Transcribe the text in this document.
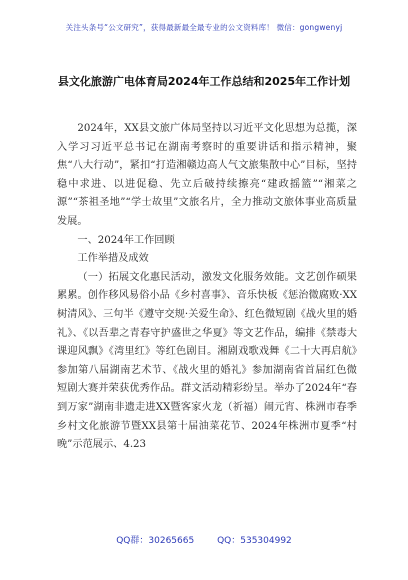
关注头条号“公文研究”，获得最新最全最专业的公文资料库！ 微信：gongwenyj
县文化旅游广电体育局2024年工作总结和2025年工作计划

2024年，XX县文旅广体局坚持以习近平文化思想为总揽，深入学习习近平总书记在湖南考察时的重要讲话和指示精神，聚焦“八大行动”，紧扣“打造湘赣边高人气文旅集散中心”目标，坚持稳中求进、以进促稳、先立后破持续擦亮“建政摇篮”“湘菜之源”“茶祖圣地”“学士故里”文旅名片，全力推动文旅体事业高质量发展。

一、2024年工作回顾

工作举措及成效

（一）拓展文化惠民活动，激发文化服务效能。文艺创作硕果累累。创作移风易俗小品《乡村喜事》、音乐快板《惩治微腐败·XX树清风》、三句半《遵守交规·关爱生命》、红色微短剧《战火里的婚礼》、《以吾辈之青春守护盛世之华夏》等文艺作品，编排《禁毒大课迎风飘》《湾里红》等红色剧目。湘剧戏歌戏舞《二十大再启航》参加第八届湖南艺术节、《战火里的婚礼》参加湖南省首届红色微短剧大赛并荣获优秀作品。群文活动精彩纷呈。举办了2024年“春到万家”湖南非遗走进XX暨客家火龙（祈福）闹元宵、株洲市春季乡村文化旅游节暨XX县第十届油菜花节、2024年株洲市夏季“村晚”示范展示、4.23

QQ群：30265665	QQ：535304992
